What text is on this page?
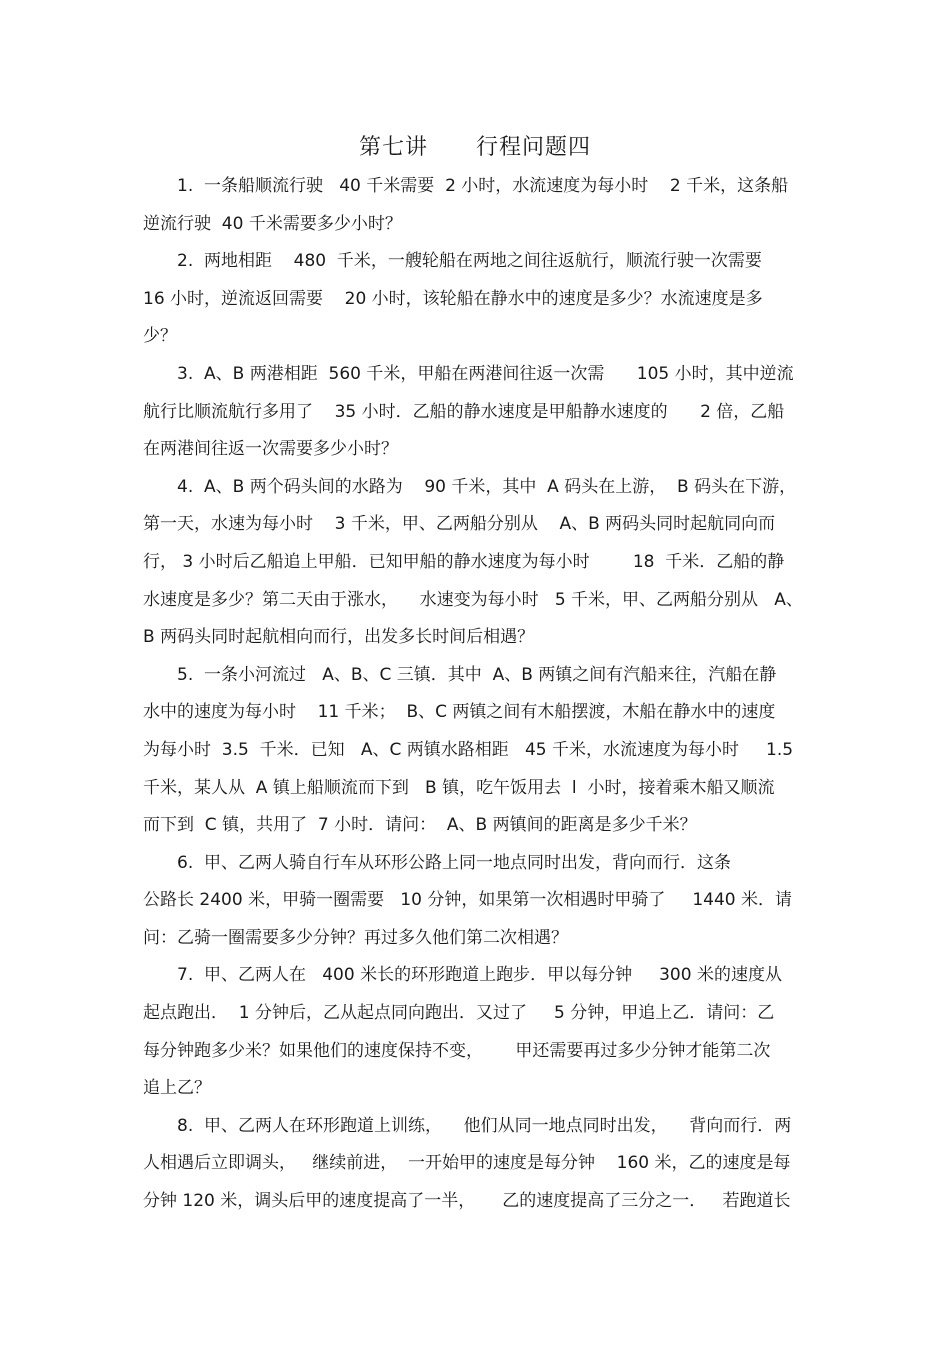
第七讲      行程问题四
1.  一条船顺流行驶   40 千米需要  2 小时，水流速度为每小时    2 千米，这条船
逆流行驶  40 千米需要多少小时？
2.  两地相距    480  千米，一艘轮船在两地之间往返航行，顺流行驶一次需要
16 小时，逆流返回需要    20 小时，该轮船在静水中的速度是多少？水流速度是多
少？
3.  A、B 两港相距  560 千米，甲船在两港间往返一次需      105 小时，其中逆流
航行比顺流航行多用了    35 小时．乙船的静水速度是甲船静水速度的      2 倍，乙船
在两港间往返一次需要多少小时？
4.  A、B 两个码头间的水路为    90 千米，其中  A 码头在上游，  B 码头在下游，
第一天，水速为每小时    3 千米，甲、乙两船分别从    A、B 两码头同时起航同向而
行， 3 小时后乙船追上甲船．已知甲船的静水速度为每小时        18  千米．乙船的静
水速度是多少？第二天由于涨水，    水速变为每小时   5 千米，甲、乙两船分别从   A、
B 两码头同时起航相向而行，出发多长时间后相遇？
5.  一条小河流过   A、B、C 三镇．其中  A、B 两镇之间有汽船来往，汽船在静
水中的速度为每小时    11 千米；  B、C 两镇之间有木船摆渡，木船在静水中的速度
为每小时  3.5  千米．已知   A、C 两镇水路相距   45 千米，水流速度为每小时     1.5
千米，某人从  A 镇上船顺流而下到   B 镇，吃午饭用去  l  小时，接着乘木船又顺流
而下到  C 镇，共用了  7 小时．请问：  A、B 两镇间的距离是多少千米？
6.  甲、乙两人骑自行车从环形公路上同一地点同时出发，背向而行．这条
公路长 2400 米，甲骑一圈需要   10 分钟，如果第一次相遇时甲骑了     1440 米．请
问：乙骑一圈需要多少分钟？再过多久他们第二次相遇？
7.  甲、乙两人在   400 米长的环形跑道上跑步．甲以每分钟     300 米的速度从
起点跑出．  1 分钟后，乙从起点同向跑出．又过了     5 分钟，甲追上乙．请问：乙
每分钟跑多少米？如果他们的速度保持不变，      甲还需要再过多少分钟才能第二次
追上乙？
8.  甲、乙两人在环形跑道上训练，    他们从同一地点同时出发，    背向而行．两
人相遇后立即调头，   继续前进，  一开始甲的速度是每分钟    160 米，乙的速度是每
分钟 120 米，调头后甲的速度提高了一半，     乙的速度提高了三分之一．   若跑道长
